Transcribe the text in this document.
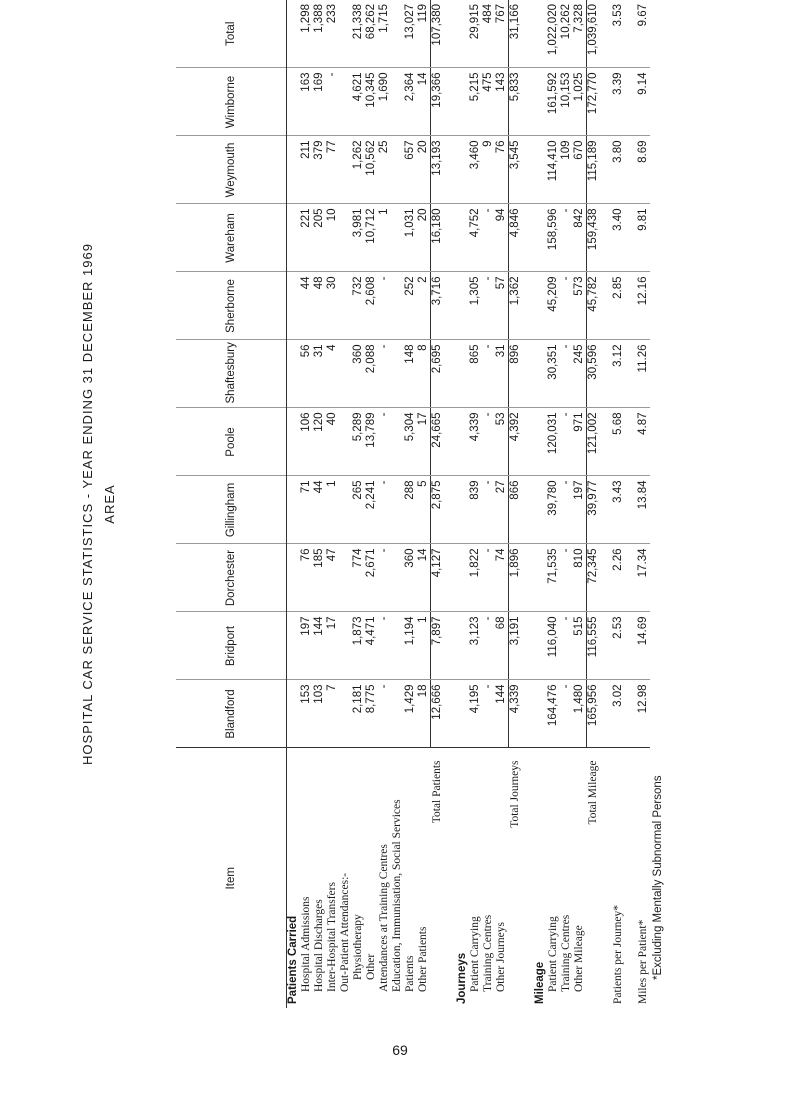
HOSPITAL CAR SERVICE STATISTICS - YEAR ENDING 31 DECEMBER 1969 AREA
Item	Blandford	Bridport	Dorchester	Gillingham	Poole	Shaftesbury	Sherborne	Wareham	Weymouth	Wimborne	Total
Patients Carried											
Hospital Admissions	153	197	76	71	106	56	44	221	211	163	1,298
Hospital Discharges	103	144	185	44	120	31	48	205	379	169	1,388
Inter-Hospital Transfers	7	17	47	1	40	4	30	10	77	-	233
Out-Patient Attendances:-											
Physiotherapy	2,181	1,873	774	265	5,289	360	732	3,981	1,262	4,621	21,338
Other	8,775	4,471	2,671	2,241	13,789	2,088	2,608	10,712	10,562	10,345	68,262
Attendances at Training Centres	-	-	-	-	-	-	-	1	25	1,690	1,715
Education, Immunisation, Social Services											
Patients	1,429	1,194	360	288	5,304	148	252	1,031	657	2,364	13,027
Other Patients	18	1	14	5	17	8	2	20	20	14	119
Total Patients	12,666	7,897	4,127	2,875	24,665	2,695	3,716	16,180	13,193	19,366	107,380

Journeys											
Patient Carrying	4,195	3,123	1,822	839	4,339	865	1,305	4,752	3,460	5,215	29,915
Training Centres	-	-	-	-	-	-	-	-	9	475	484
Other Journeys	144	68	74	27	53	31	57	94	76	143	767
Total Journeys	4,339	3,191	1,896	866	4,392	896	1,362	4,846	3,545	5,833	31,166

Mileage											
Patient Carrying	164,476	116,040	71,535	39,780	120,031	30,351	45,209	158,596	114,410	161,592	1,022,020
Training Centres	-	-	-	-	-	-	-	-	109	10,153	10,262
Other Mileage	1,480	515	810	197	971	245	573	842	670	1,025	7,328
Total Mileage	165,956	116,555	72,345	39,977	121,002	30,596	45,782	159,438	115,189	172,770	1,039,610

Patients per Journey*	3.02	2.53	2.26	3.43	5.68	3.12	2.85	3.40	3.80	3.39	3.53

Miles per Patient*	12.98	14.69	17.34	13.84	4.87	11.26	12.16	9.81	8.69	9.14	9.67
*Excluding Mentally Subnormal Persons
69
